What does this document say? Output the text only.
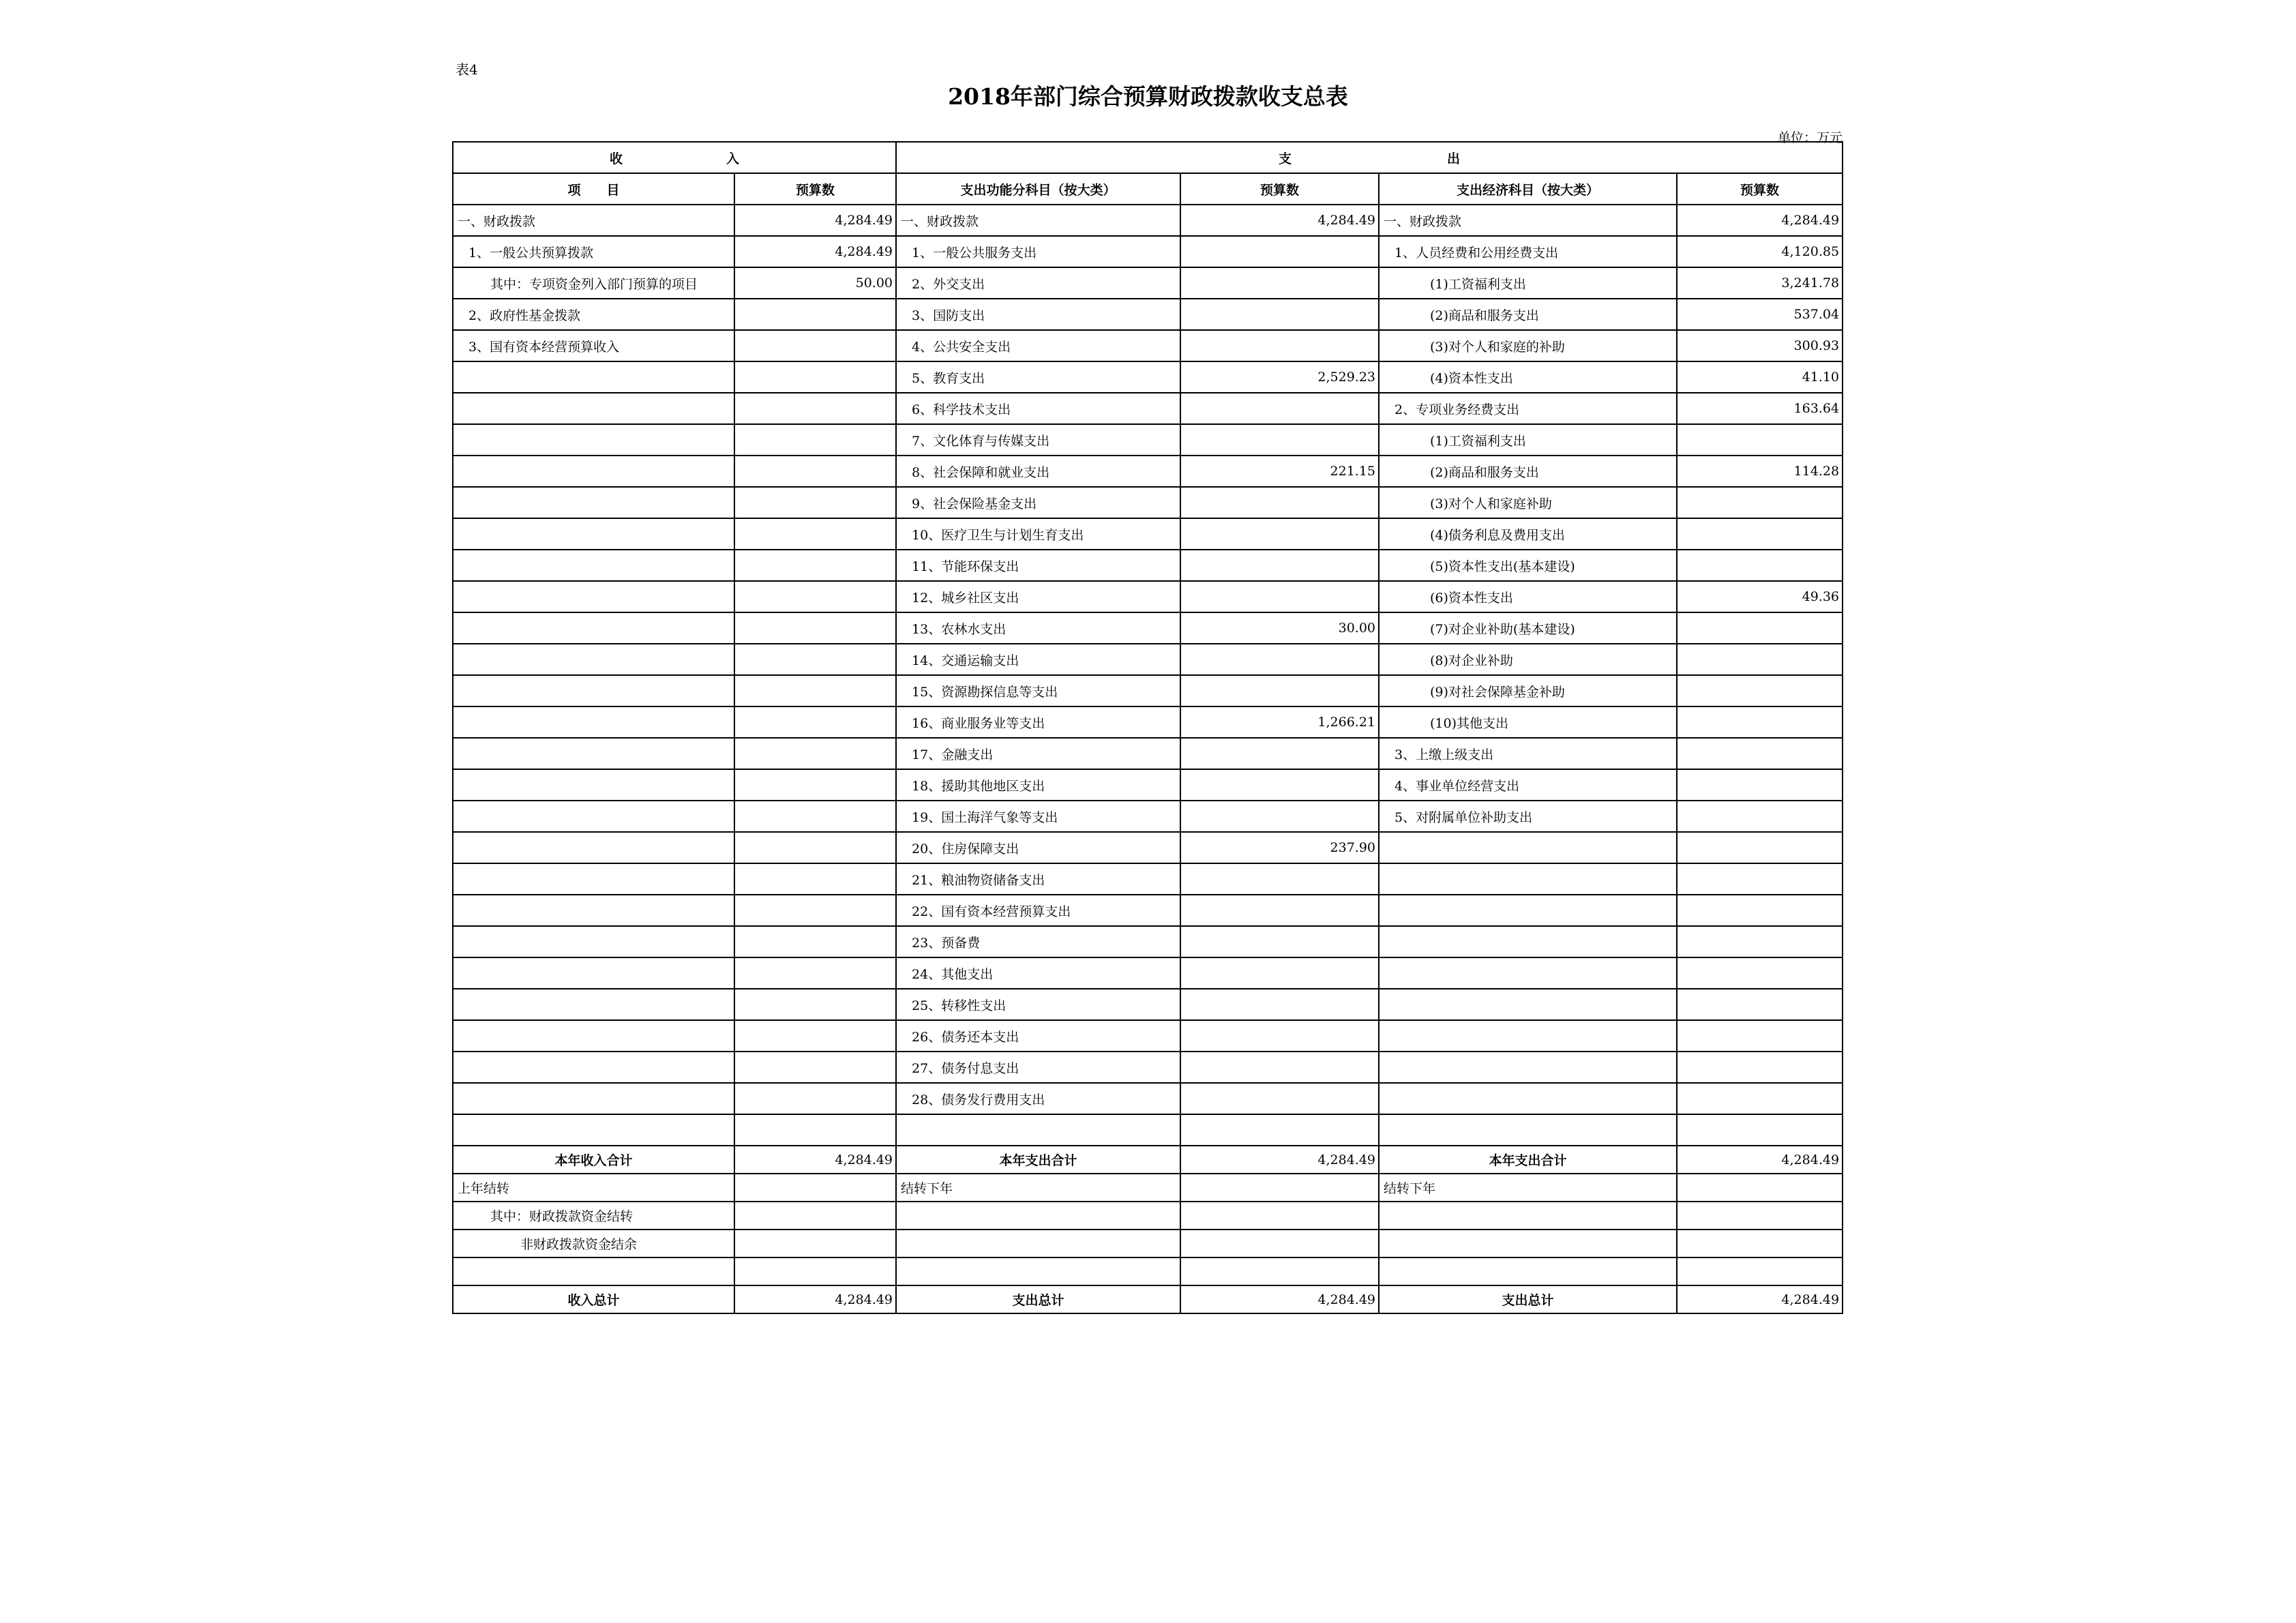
表4
2018年部门综合预算财政拨款收支总表
单位：万元
收　　　　　　　　入		支　　　　　　　　　　　　出			
项　　目	预算数	支出功能分科目（按大类）	预算数	支出经济科目（按大类）	预算数
一、财政拨款	4,284.49	一、财政拨款	4,284.49	一、财政拨款	4,284.49
1、一般公共预算拨款	4,284.49	1、一般公共服务支出		1、人员经费和公用经费支出	4,120.85
其中：专项资金列入部门预算的项目	50.00	2、外交支出		(1)工资福利支出	3,241.78
2、政府性基金拨款		3、国防支出		(2)商品和服务支出	537.04
3、国有资本经营预算收入		4、公共安全支出		(3)对个人和家庭的补助	300.93
		5、教育支出	2,529.23	(4)资本性支出	41.10
		6、科学技术支出		2、专项业务经费支出	163.64
		7、文化体育与传媒支出		(1)工资福利支出	
		8、社会保障和就业支出	221.15	(2)商品和服务支出	114.28
		9、社会保险基金支出		(3)对个人和家庭补助	
		10、医疗卫生与计划生育支出		(4)债务利息及费用支出	
		11、节能环保支出		(5)资本性支出(基本建设)	
		12、城乡社区支出		(6)资本性支出	49.36
		13、农林水支出	30.00	(7)对企业补助(基本建设)	
		14、交通运输支出		(8)对企业补助	
		15、资源勘探信息等支出		(9)对社会保障基金补助	
		16、商业服务业等支出	1,266.21	(10)其他支出	
		17、金融支出		3、上缴上级支出	
		18、援助其他地区支出		4、事业单位经营支出	
		19、国土海洋气象等支出		5、对附属单位补助支出	
		20、住房保障支出	237.90		
		21、粮油物资储备支出			
		22、国有资本经营预算支出			
		23、预备费			
		24、其他支出			
		25、转移性支出			
		26、债务还本支出			
		27、债务付息支出			
		28、债务发行费用支出			

本年收入合计	4,284.49	本年支出合计	4,284.49	本年支出合计	4,284.49
上年结转		结转下年		结转下年	
其中：财政拨款资金结转					
非财政拨款资金结余					

收入总计	4,284.49	支出总计	4,284.49	支出总计	4,284.49
